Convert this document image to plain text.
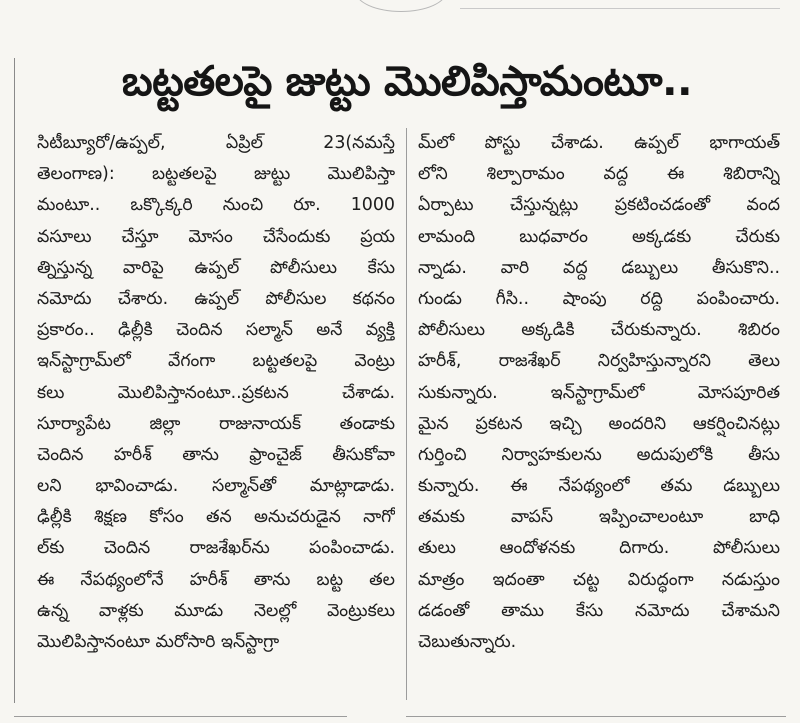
బట్టతలపై జుట్టు మొలిపిస్తామంటూ..
సిటీబ్యూరో/ఉప్పల్, ఏప్రిల్ 23(నమస్తే
తెలంగాణ): బట్టతలపై జుట్టు మొలిపిస్తా
మంటూ.. ఒక్కొక్కరి నుంచి రూ. 1000
వసూలు చేస్తూ మోసం చేసేందుకు ప్రయ
త్నిస్తున్న వారిపై ఉప్పల్ పోలీసులు కేసు
నమోదు చేశారు. ఉప్పల్ పోలీసుల కథనం
ప్రకారం.. ఢిల్లీకి చెందిన సల్మాన్ అనే వ్యక్తి
ఇన్‌స్టాగ్రామ్‌లో వేగంగా బట్టతలపై వెంట్రు
కలు మొలిపిస్తానంటూ..ప్రకటన చేశాడు.
సూర్యాపేట జిల్లా రాజునాయక్ తండాకు
చెందిన హరీశ్ తాను ఫ్రాంచైజ్ తీసుకోవా
లని భావించాడు. సల్మాన్‌తో మాట్లాడాడు.
ఢిల్లీకి శిక్షణ కోసం తన అనుచరుడైన నాగో
ల్‌కు చెందిన రాజశేఖర్‌ను పంపించాడు.
ఈ నేపథ్యంలోనే హరీశ్ తాను బట్ట తల
ఉన్న వాళ్లకు మూడు నెలల్లో వెంట్రుకలు
మొలిపిస్తానంటూ మరోసారి ఇన్‌స్టాగ్రా
మ్‌లో పోస్టు చేశాడు. ఉప్పల్ భాగాయత్
లోని శిల్పారామం వద్ద ఈ శిబిరాన్ని
ఏర్పాటు చేస్తున్నట్లు ప్రకటించడంతో వంద
లామంది బుధవారం అక్కడకు చేరుకు
న్నాడు. వారి వద్ద డబ్బులు తీసుకొని..
గుండు గీసి.. షాంపు రద్ది పంపించారు.
పోలీసులు అక్కడికి చేరుకున్నారు. శిబిరం
హరీశ్, రాజశేఖర్ నిర్వహిస్తున్నారని తెలు
సుకున్నారు. ఇన్‌స్టాగ్రామ్‌లో మోసపూరిత
మైన ప్రకటన ఇచ్చి అందరిని ఆకర్షించినట్లు
గుర్తించి నిర్వాహకులను అదుపులోకి తీసు
కున్నారు. ఈ నేపథ్యంలో తమ డబ్బులు
తమకు వాపస్ ఇప్పించాలంటూ బాధి
తులు ఆందోళనకు దిగారు. పోలీసులు
మాత్రం ఇదంతా చట్ట విరుద్ధంగా నడుస్తుం
డడంతో తాము కేసు నమోదు చేశామని
చెబుతున్నారు.
